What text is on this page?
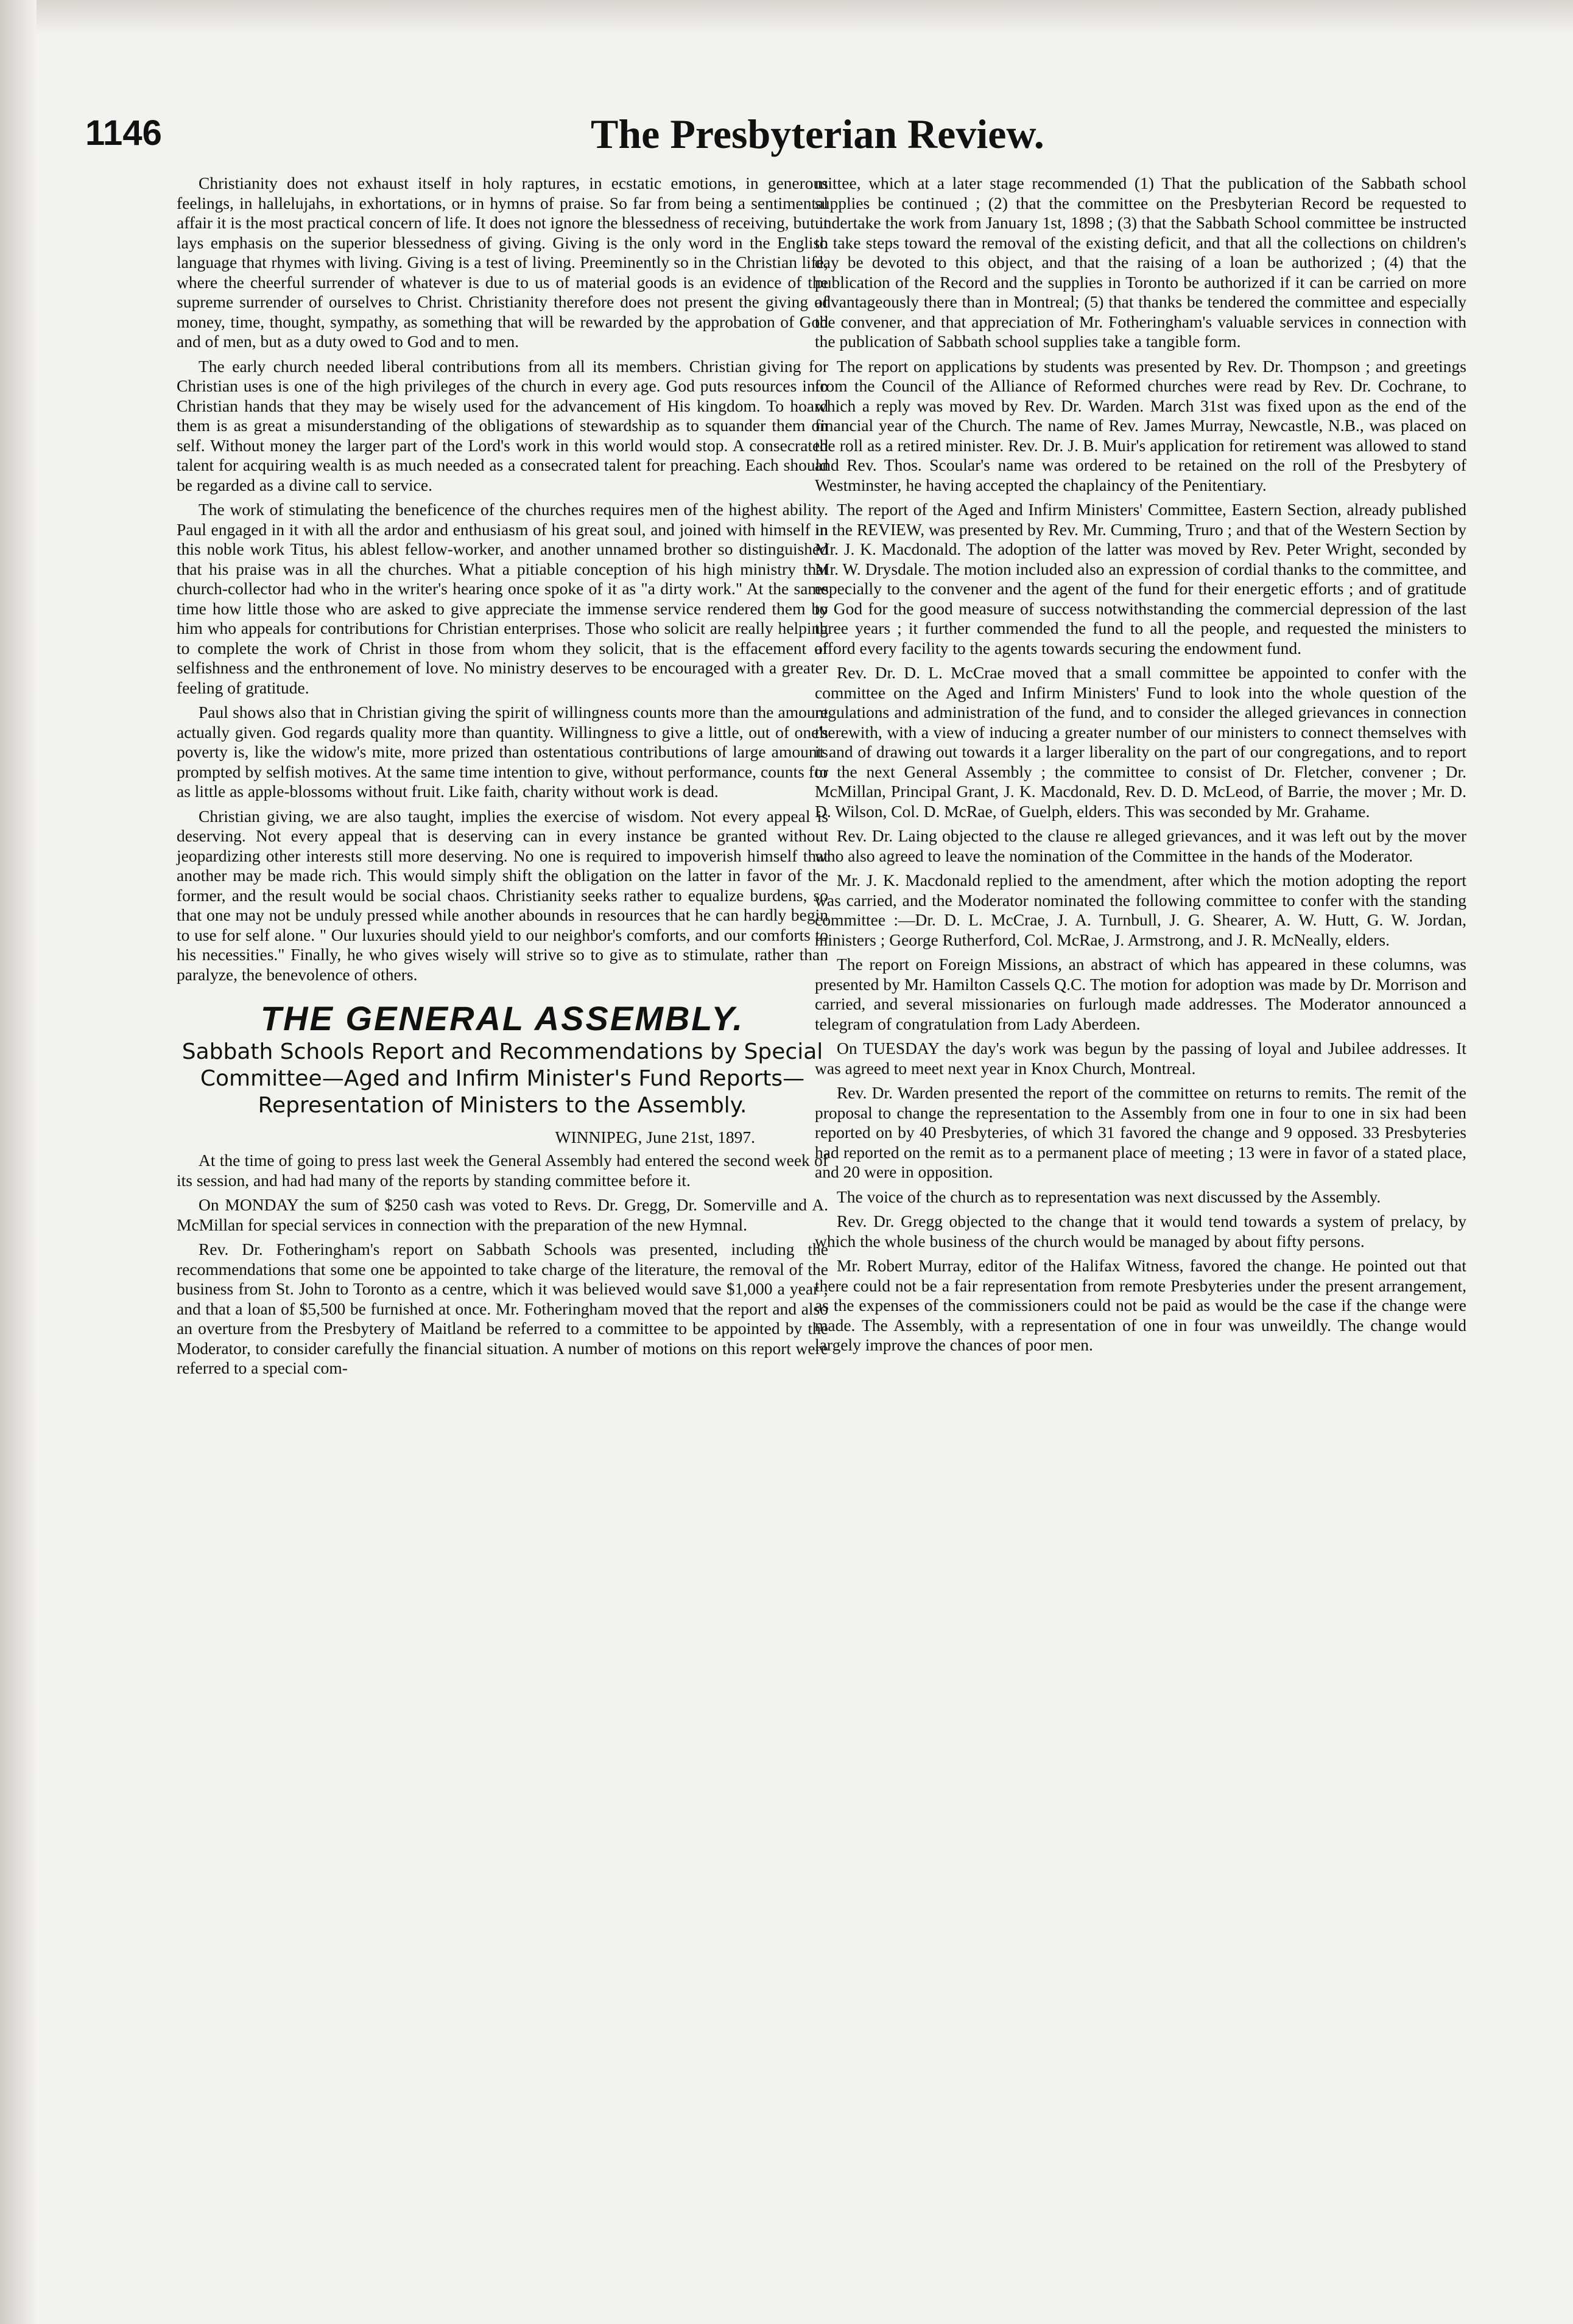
1146	The Presbyterian Review.

Christianity does not exhaust itself in holy raptures, in ecstatic emotions, in generous feelings, in hallelujahs, in exhortations, or in hymns of praise. So far from being a sentimental affair it is the most practical concern of life. It does not ignore the blessedness of receiving, but it lays emphasis on the superior blessedness of giving. Giving is the only word in the English language that rhymes with living. Giving is a test of living. Preeminently so in the Christian life, where the cheerful surrender of whatever is due to us of material goods is an evidence of the supreme surrender of ourselves to Christ. Christianity therefore does not present the giving of money, time, thought, sympathy, as something that will be rewarded by the approbation of God and of men, but as a duty owed to God and to men.

The early church needed liberal contributions from all its members. Christian giving for Christian uses is one of the high privileges of the church in every age. God puts resources into Christian hands that they may be wisely used for the advancement of His kingdom. To hoard them is as great a misunderstanding of the obligations of stewardship as to squander them on self. Without money the larger part of the Lord's work in this world would stop. A consecrated talent for acquiring wealth is as much needed as a consecrated talent for preaching. Each should be regarded as a divine call to service.

The work of stimulating the beneficence of the churches requires men of the highest ability. Paul engaged in it with all the ardor and enthusiasm of his great soul, and joined with himself in this noble work Titus, his ablest fellow-worker, and another unnamed brother so distinguished that his praise was in all the churches. What a pitiable conception of his high ministry that church-collector had who in the writer's hearing once spoke of it as "a dirty work." At the same time how little those who are asked to give appreciate the immense service rendered them by him who appeals for contributions for Christian enterprises. Those who solicit are really helping to complete the work of Christ in those from whom they solicit, that is the effacement of selfishness and the enthronement of love. No ministry deserves to be encouraged with a greater feeling of gratitude.

Paul shows also that in Christian giving the spirit of willingness counts more than the amount actually given. God regards quality more than quantity. Willingness to give a little, out of one's poverty is, like the widow's mite, more prized than ostentatious contributions of large amounts prompted by selfish motives. At the same time intention to give, without performance, counts for as little as apple-blossoms without fruit. Like faith, charity without work is dead.

Christian giving, we are also taught, implies the exercise of wisdom. Not every appeal is deserving. Not every appeal that is deserving can in every instance be granted without jeopardizing other interests still more deserving. No one is required to impoverish himself that another may be made rich. This would simply shift the obligation on the latter in favor of the former, and the result would be social chaos. Christianity seeks rather to equalize burdens, so that one may not be unduly pressed while another abounds in resources that he can hardly begin to use for self alone. " Our luxuries should yield to our neighbor's comforts, and our comforts to his necessities." Finally, he who gives wisely will strive so to give as to stimulate, rather than paralyze, the benevolence of others.

THE GENERAL ASSEMBLY.
Sabbath Schools Report and Recommendations by Special Committee—Aged and Infirm Minister's Fund Reports—Representation of Ministers to the Assembly.
WINNIPEG, June 21st, 1897.

At the time of going to press last week the General Assembly had entered the second week of its session, and had had many of the reports by standing committee before it.

On MONDAY the sum of $250 cash was voted to Revs. Dr. Gregg, Dr. Somerville and A. McMillan for special services in connection with the preparation of the new Hymnal.

Rev. Dr. Fotheringham's report on Sabbath Schools was presented, including the recommendations that some one be appointed to take charge of the literature, the removal of the business from St. John to Toronto as a centre, which it was believed would save $1,000 a year ; and that a loan of $5,500 be furnished at once. Mr. Fotheringham moved that the report and also an overture from the Presbytery of Maitland be referred to a committee to be appointed by the Moderator, to consider carefully the financial situation. A number of motions on this report were referred to a special com-

mittee, which at a later stage recommended (1) That the publication of the Sabbath school supplies be continued ; (2) that the committee on the Presbyterian Record be requested to undertake the work from January 1st, 1898 ; (3) that the Sabbath School committee be instructed to take steps toward the removal of the existing deficit, and that all the collections on children's day be devoted to this object, and that the raising of a loan be authorized ; (4) that the publication of the Record and the supplies in Toronto be authorized if it can be carried on more advantageously there than in Montreal; (5) that thanks be tendered the committee and especially the convener, and that appreciation of Mr. Fotheringham's valuable services in connection with the publication of Sabbath school supplies take a tangible form.

The report on applications by students was presented by Rev. Dr. Thompson ; and greetings from the Council of the Alliance of Reformed churches were read by Rev. Dr. Cochrane, to which a reply was moved by Rev. Dr. Warden. March 31st was fixed upon as the end of the financial year of the Church. The name of Rev. James Murray, Newcastle, N.B., was placed on the roll as a retired minister. Rev. Dr. J. B. Muir's application for retirement was allowed to stand and Rev. Thos. Scoular's name was ordered to be retained on the roll of the Presbytery of Westminster, he having accepted the chaplaincy of the Penitentiary.

The report of the Aged and Infirm Ministers' Committee, Eastern Section, already published in the REVIEW, was presented by Rev. Mr. Cumming, Truro ; and that of the Western Section by Mr. J. K. Macdonald. The adoption of the latter was moved by Rev. Peter Wright, seconded by Mr. W. Drysdale. The motion included also an expression of cordial thanks to the committee, and especially to the convener and the agent of the fund for their energetic efforts ; and of gratitude to God for the good measure of success notwithstanding the commercial depression of the last three years ; it further commended the fund to all the people, and requested the ministers to afford every facility to the agents towards securing the endowment fund.

Rev. Dr. D. L. McCrae moved that a small committee be appointed to confer with the committee on the Aged and Infirm Ministers' Fund to look into the whole question of the regulations and administration of the fund, and to consider the alleged grievances in connection therewith, with a view of inducing a greater number of our ministers to connect themselves with it and of drawing out towards it a larger liberality on the part of our congregations, and to report to the next General Assembly ; the committee to consist of Dr. Fletcher, convener ; Dr. McMillan, Principal Grant, J. K. Macdonald, Rev. D. D. McLeod, of Barrie, the mover ; Mr. D. D. Wilson, Col. D. McRae, of Guelph, elders. This was seconded by Mr. Grahame.

Rev. Dr. Laing objected to the clause re alleged grievances, and it was left out by the mover who also agreed to leave the nomination of the Committee in the hands of the Moderator.

Mr. J. K. Macdonald replied to the amendment, after which the motion adopting the report was carried, and the Moderator nominated the following committee to confer with the standing committee :—Dr. D. L. McCrae, J. A. Turnbull, J. G. Shearer, A. W. Hutt, G. W. Jordan, ministers ; George Rutherford, Col. McRae, J. Armstrong, and J. R. McNeally, elders.

The report on Foreign Missions, an abstract of which has appeared in these columns, was presented by Mr. Hamilton Cassels Q.C. The motion for adoption was made by Dr. Morrison and carried, and several missionaries on furlough made addresses. The Moderator announced a telegram of congratulation from Lady Aberdeen.

On TUESDAY the day's work was begun by the passing of loyal and Jubilee addresses. It was agreed to meet next year in Knox Church, Montreal.

Rev. Dr. Warden presented the report of the committee on returns to remits. The remit of the proposal to change the representation to the Assembly from one in four to one in six had been reported on by 40 Presbyteries, of which 31 favored the change and 9 opposed. 33 Presbyteries had reported on the remit as to a permanent place of meeting ; 13 were in favor of a stated place, and 20 were in opposition.

The voice of the church as to representation was next discussed by the Assembly.

Rev. Dr. Gregg objected to the change that it would tend towards a system of prelacy, by which the whole business of the church would be managed by about fifty persons.

Mr. Robert Murray, editor of the Halifax Witness, favored the change. He pointed out that there could not be a fair representation from remote Presbyteries under the present arrangement, as the expenses of the commissioners could not be paid as would be the case if the change were made. The Assembly, with a representation of one in four was unweildly. The change would largely improve the chances of poor men.
